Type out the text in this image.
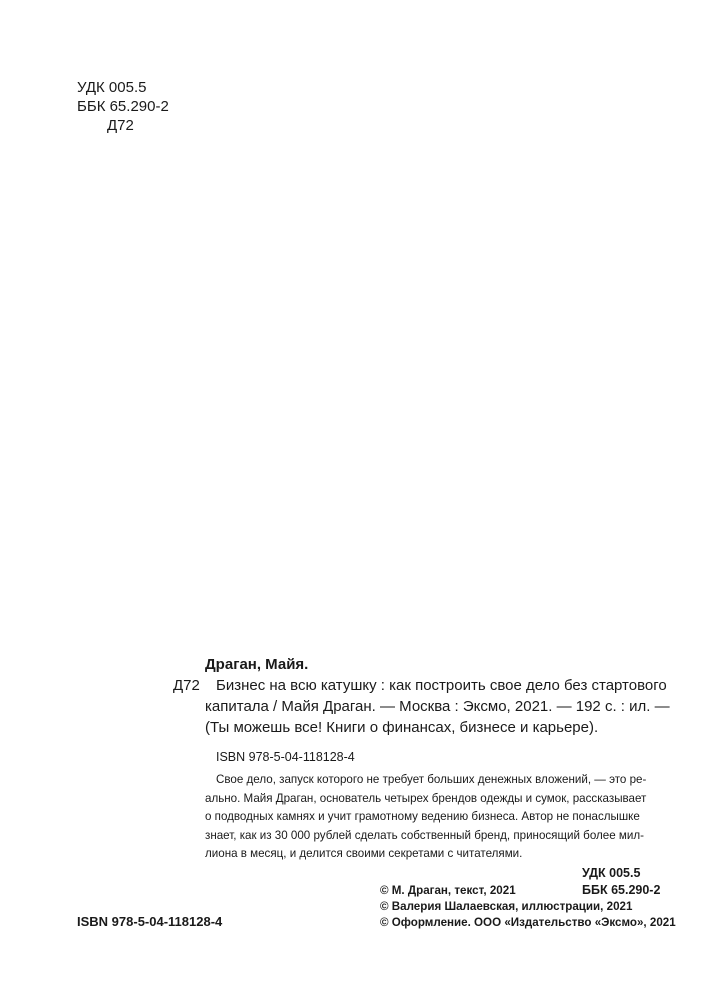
УДК 005.5
ББК 65.290-2
Д72
Драган, Майя.
Д72 Бизнес на всю катушку : как построить свое дело без стартового
капитала / Майя Драган. — Москва : Эксмо, 2021. — 192 с. : ил. —
(Ты можешь все! Книги о финансах, бизнесе и карьере).
ISBN 978-5-04-118128-4
Свое дело, запуск которого не требует больших денежных вложений, — это ре-
ально. Майя Драган, основатель четырех брендов одежды и сумок, рассказывает
о подводных камнях и учит грамотному ведению бизнеса. Автор не понаслышке
знает, как из 30 000 рублей сделать собственный бренд, приносящий более мил-
лиона в месяц, и делится своими секретами с читателями.
УДК 005.5
ББК 65.290-2
ISBN 978-5-04-118128-4
© М. Драган, текст, 2021
© Валерия Шалаевская, иллюстрации, 2021
© Оформление. ООО «Издательство «Эксмо», 2021
